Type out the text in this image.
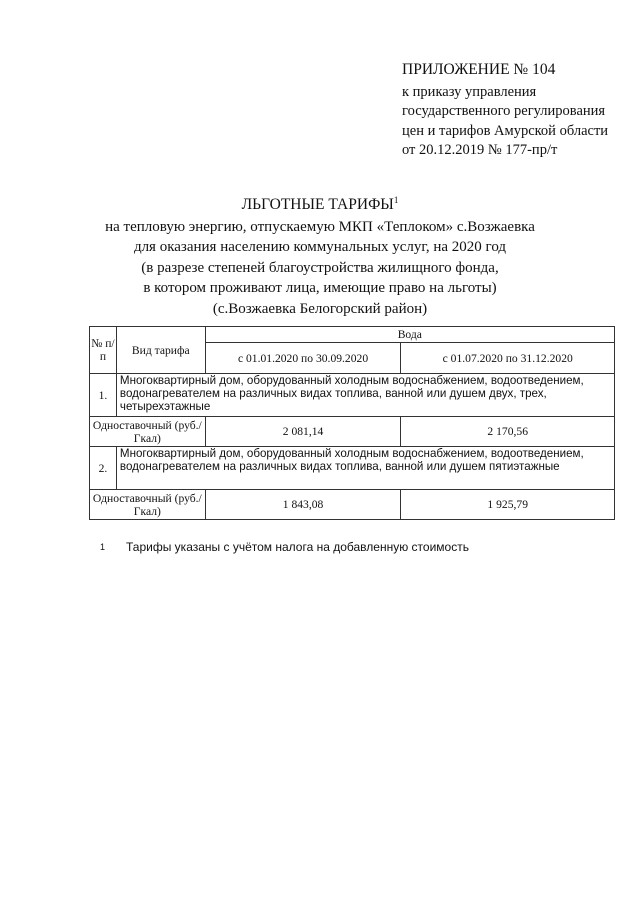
ПРИЛОЖЕНИЕ № 104
к приказу управления
государственного регулирования
цен и тарифов Амурской области
от 20.12.2019 № 177-пр/т
ЛЬГОТНЫЕ ТАРИФЫ$^1$
на тепловую энергию, отпускаемую МКП «Теплоком» с.Возжаевка
для оказания населению коммунальных услуг, на 2020 год
(в разрезе степеней благоустройства жилищного фонда,
в котором проживают лица, имеющие право на льготы)
(с.Возжаевка Белогорский район)
№ п/п	Вид тарифа	Вода	
		с 01.01.2020 по 30.09.2020	с 01.07.2020 по 31.12.2020
1.	Многоквартирный дом, оборудованный холодным водоснабжением, водоотведением, водонагревателем на различных видах топлива, ванной или душем двух, трех, четырехэтажные		
Одноставочный (руб./Гкал)		2 081,14	2 170,56
2.	Многоквартирный дом, оборудованный холодным водоснабжением, водоотведением, водонагревателем на различных видах топлива, ванной или душем пятиэтажные		
Одноставочный (руб./Гкал)		1 843,08	1 925,79
1 Тарифы указаны с учётом налога на добавленную стоимость
